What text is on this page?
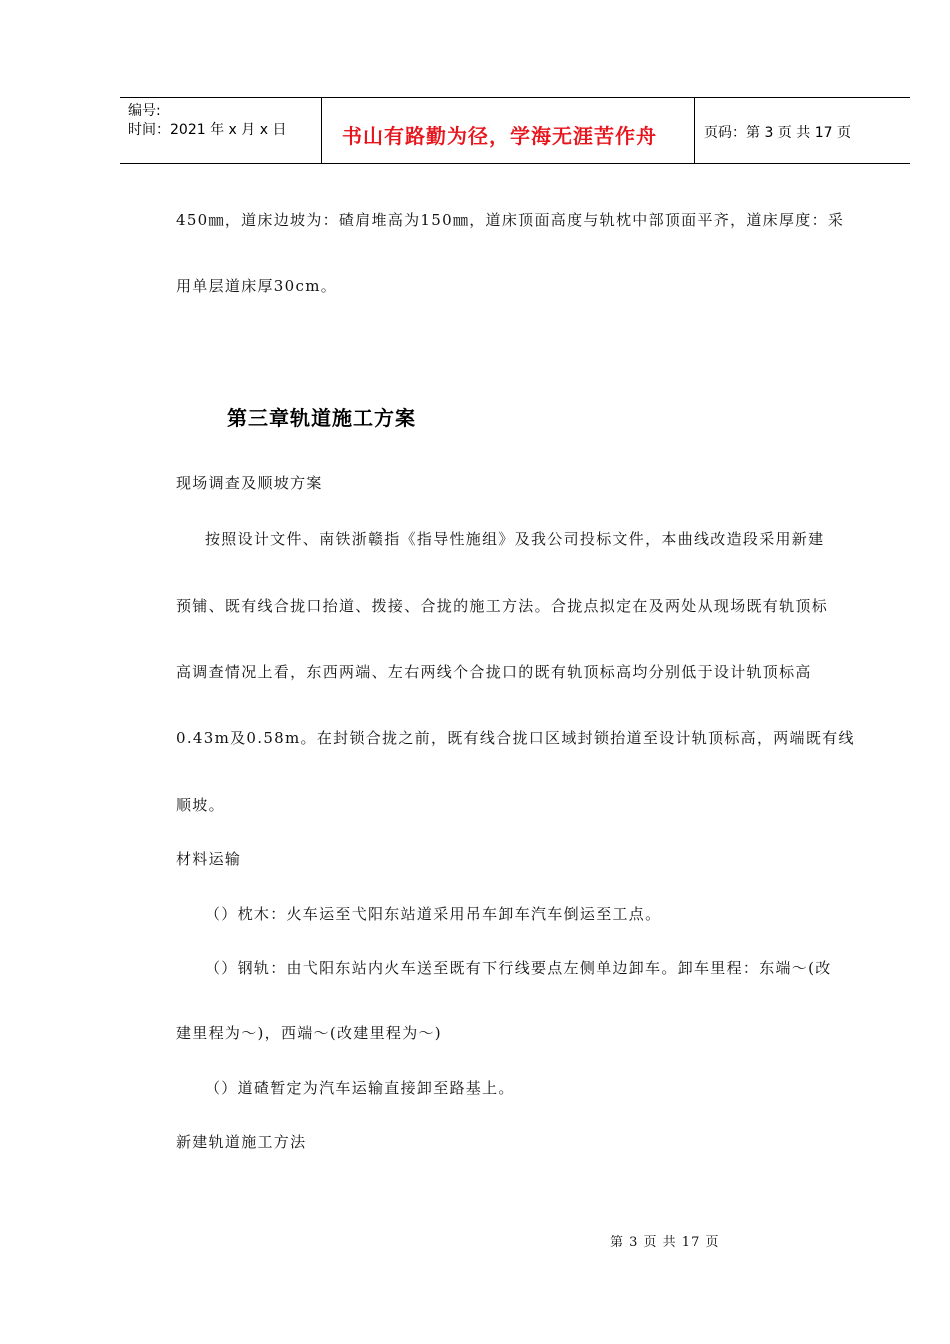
编号:
时间：2021 年 x 月 x 日	书山有路勤为径，学海无涯苦作舟	页码：第 3 页 共 17 页
450㎜，道床边坡为：碴肩堆高为150㎜，道床顶面高度与轨枕中部顶面平齐，道床厚度：采
用单层道床厚30cm。
第三章轨道施工方案
现场调查及顺坡方案
按照设计文件、南铁浙赣指《指导性施组》及我公司投标文件，本曲线改造段采用新建
预铺、既有线合拢口抬道、拨接、合拢的施工方法。合拢点拟定在及两处从现场既有轨顶标
高调查情况上看，东西两端、左右两线个合拢口的既有轨顶标高均分别低于设计轨顶标高
0.43m及0.58m。在封锁合拢之前，既有线合拢口区域封锁抬道至设计轨顶标高，两端既有线
顺坡。
材料运输
（）枕木：火车运至弋阳东站道采用吊车卸车汽车倒运至工点。
（）钢轨：由弋阳东站内火车送至既有下行线要点左侧单边卸车。卸车里程：东端～(改
建里程为～)，西端～(改建里程为～)
（）道碴暂定为汽车运输直接卸至路基上。
新建轨道施工方法
第 3 页 共 17 页
